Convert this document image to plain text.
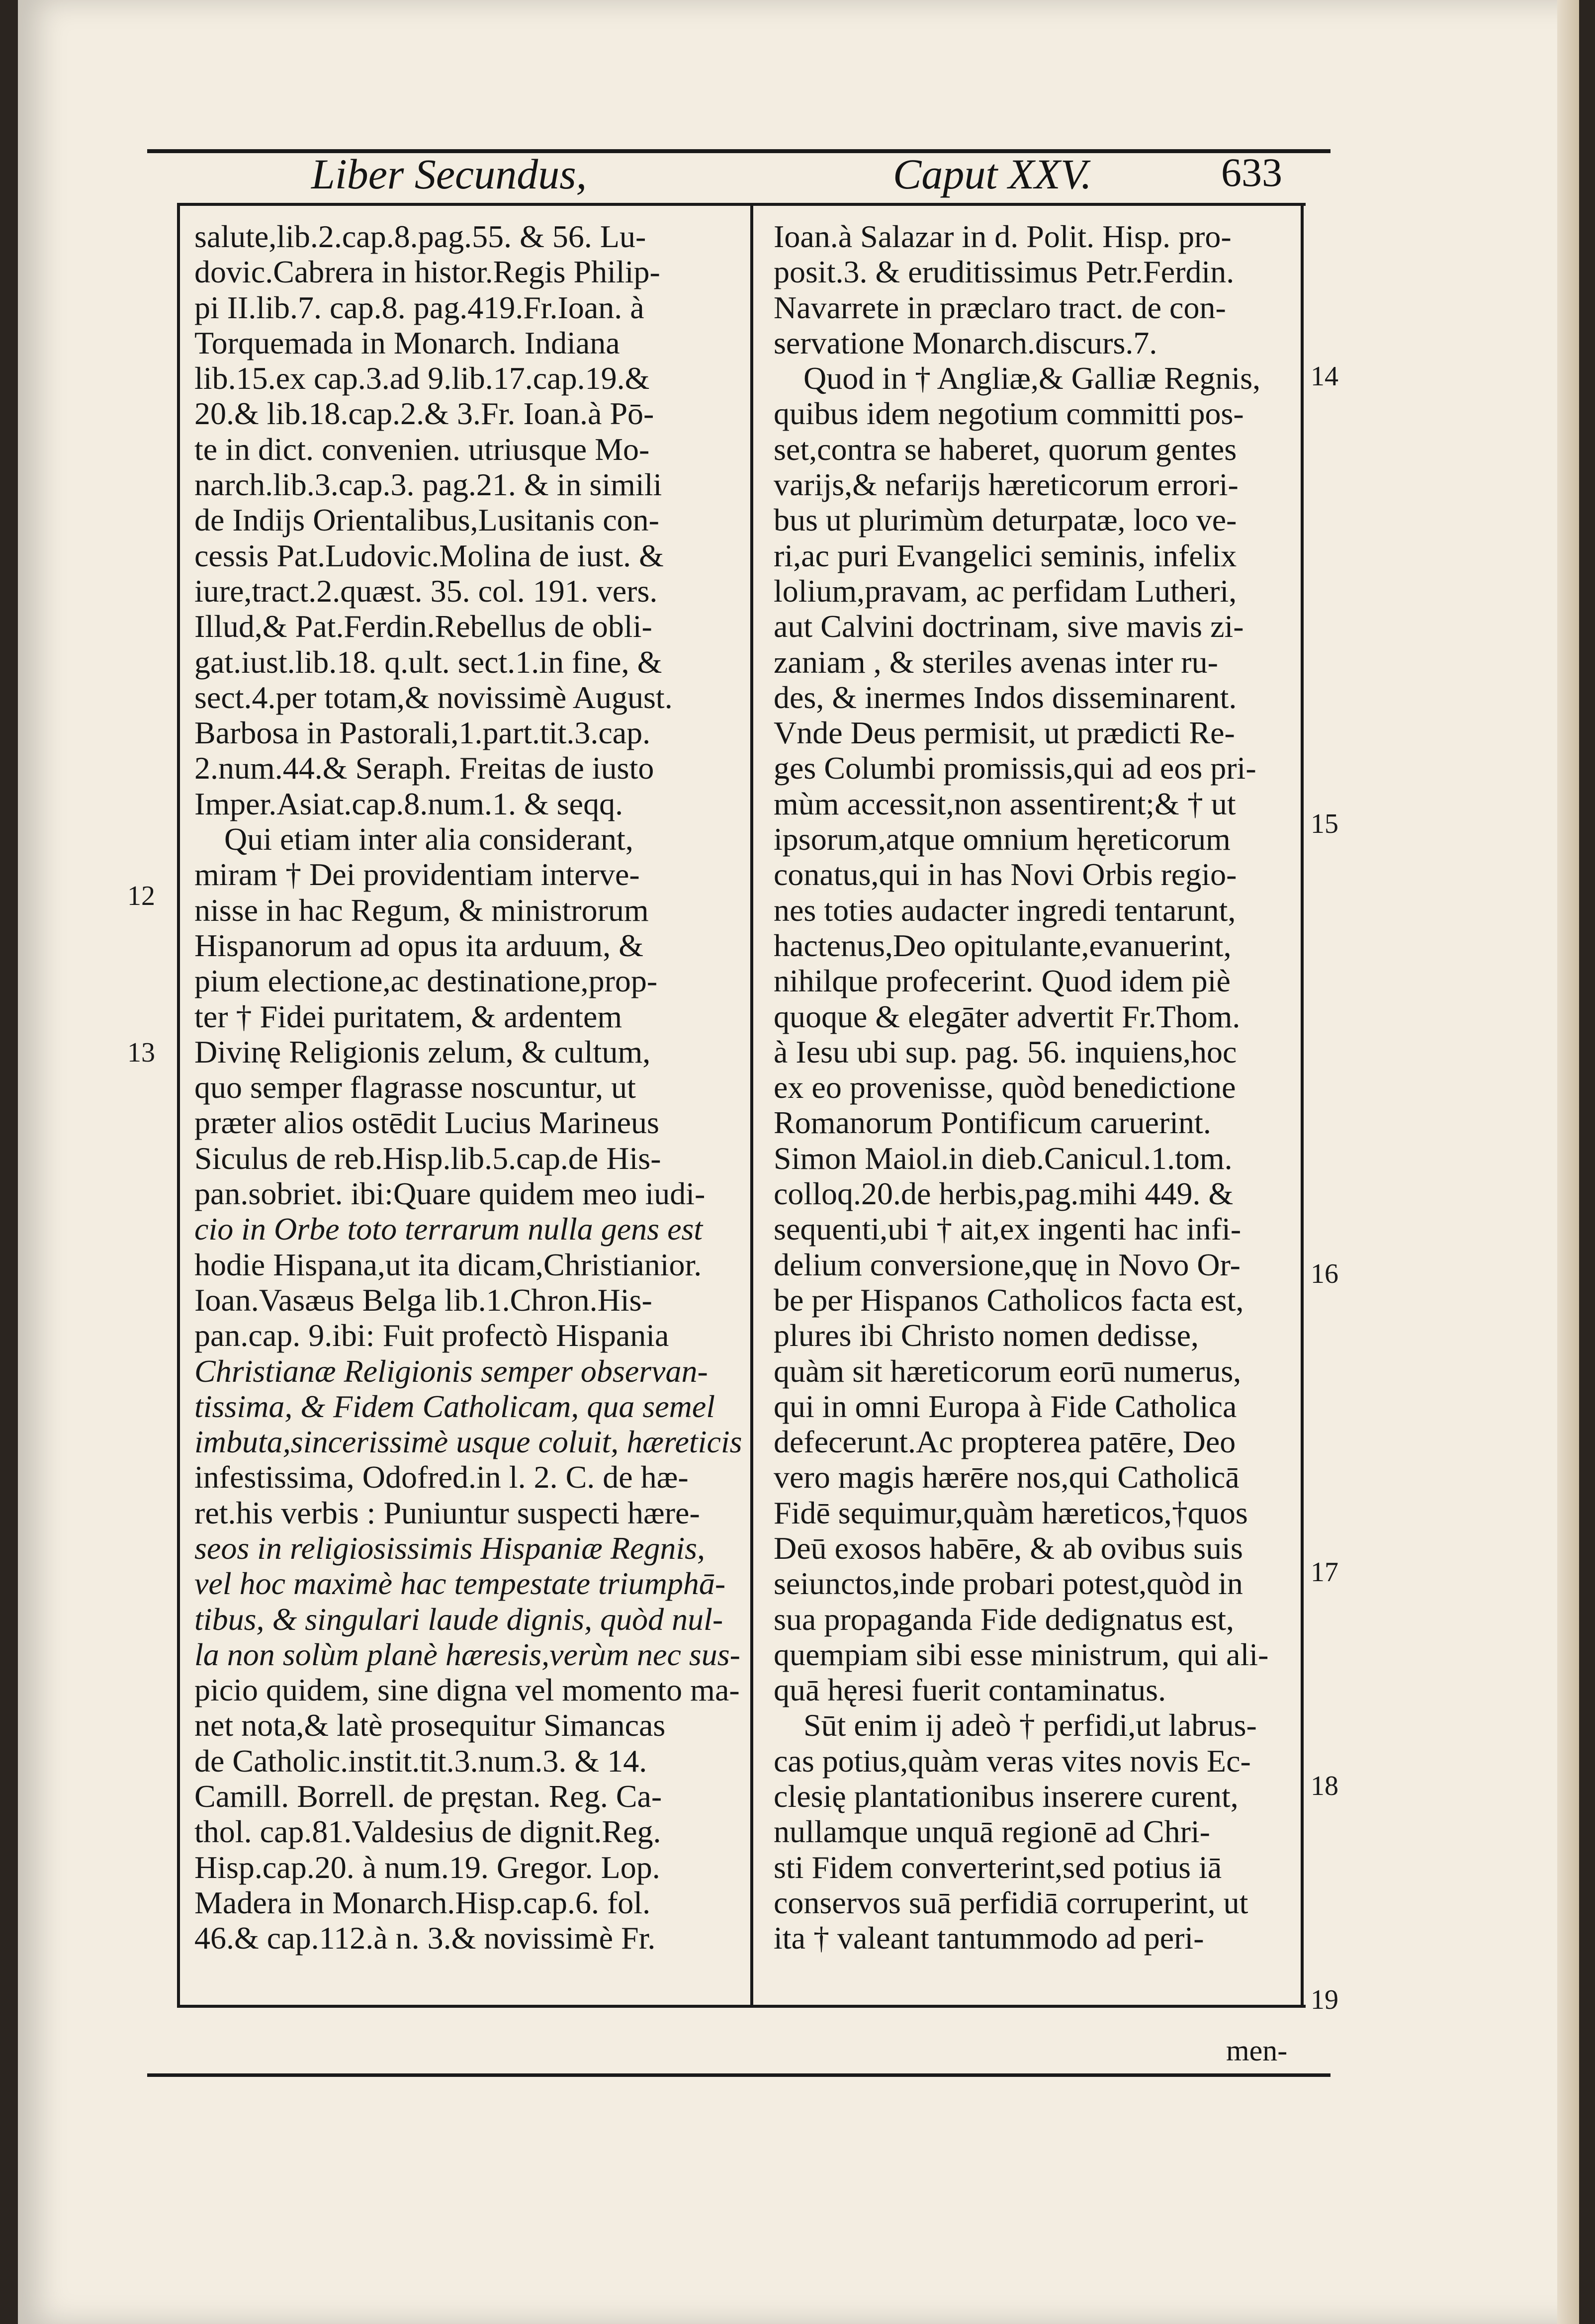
Liber Secundus,	Caput XXV.	633
salute,lib.2.cap.8.pag.55. & 56. Lu-
dovic.Cabrera in histor.Regis Philip-
pi II.lib.7. cap.8. pag.419.Fr.Ioan. à
Torquemada in Monarch. Indiana
lib.15.ex cap.3.ad 9.lib.17.cap.19.&
20.& lib.18.cap.2.& 3.Fr. Ioan.à Pō-
te in dict. convenien. utriusque Mo-
narch.lib.3.cap.3. pag.21. & in simili
de Indijs Orientalibus,Lusitanis con-
cessis Pat.Ludovic.Molina de iust. &
iure,tract.2.quæst. 35. col. 191. vers.
Illud,& Pat.Ferdin.Rebellus de obli-
gat.iust.lib.18. q.ult. sect.1.in fine, &
sect.4.per totam,& novissimè August.
Barbosa in Pastorali,1.part.tit.3.cap.
2.num.44.& Seraph. Freitas de iusto
Imper.Asiat.cap.8.num.1. & seqq.
Qui etiam inter alia considerant,
miram † Dei providentiam interve-
nisse in hac Regum, & ministrorum
Hispanorum ad opus ita arduum, &
pium electione,ac destinatione,prop-
ter † Fidei puritatem, & ardentem
Divinę Religionis zelum, & cultum,
quo semper flagrasse noscuntur, ut
præter alios ostēdit Lucius Marineus
Siculus de reb.Hisp.lib.5.cap.de His-
pan.sobriet. ibi:Quare quidem meo iudi-
cio in Orbe toto terrarum nulla gens est
hodie Hispana,ut ita dicam,Christianior.
Ioan.Vasæus Belga lib.1.Chron.His-
pan.cap. 9.ibi: Fuit profectò Hispania
Christianæ Religionis semper observan-
tissima, & Fidem Catholicam, qua semel
imbuta,sincerissimè usque coluit, hæreticis
infestissima, Odofred.in l. 2. C. de hæ-
ret.his verbis : Puniuntur suspecti hære-
seos in religiosissimis Hispaniæ Regnis,
vel hoc maximè hac tempestate triumphā-
tibus, & singulari laude dignis, quòd nul-
la non solùm planè hæresis,verùm nec sus-
picio quidem, sine digna vel momento ma-
net nota,& latè prosequitur Simancas
de Catholic.instit.tit.3.num.3. & 14.
Camill. Borrell. de pręstan. Reg. Ca-
thol. cap.81.Valdesius de dignit.Reg.
Hisp.cap.20. à num.19. Gregor. Lop.
Madera in Monarch.Hisp.cap.6. fol.
46.& cap.112.à n. 3.& novissimè Fr.
Ioan.à Salazar in d. Polit. Hisp. pro-
posit.3. & eruditissimus Petr.Ferdin.
Navarrete in præclaro tract. de con-
servatione Monarch.discurs.7.
Quod in † Angliæ,& Galliæ Regnis,
quibus idem negotium committi pos-
set,contra se haberet, quorum gentes
varijs,& nefarijs hæreticorum errori-
bus ut plurimùm deturpatæ, loco ve-
ri,ac puri Evangelici seminis, infelix
lolium,pravam, ac perfidam Lutheri,
aut Calvini doctrinam, sive mavis zi-
zaniam , & steriles avenas inter ru-
des, & inermes Indos disseminarent.
Vnde Deus permisit, ut prædicti Re-
ges Columbi promissis,qui ad eos pri-
mùm accessit,non assentirent;& † ut
ipsorum,atque omnium hęreticorum
conatus,qui in has Novi Orbis regio-
nes toties audacter ingredi tentarunt,
hactenus,Deo opitulante,evanuerint,
nihilque profecerint. Quod idem piè
quoque & elegāter advertit Fr.Thom.
à Iesu ubi sup. pag. 56. inquiens,hoc
ex eo provenisse, quòd benedictione
Romanorum Pontificum caruerint.
Simon Maiol.in dieb.Canicul.1.tom.
colloq.20.de herbis,pag.mihi 449. &
sequenti,ubi † ait,ex ingenti hac infi-
delium conversione,quę in Novo Or-
be per Hispanos Catholicos facta est,
plures ibi Christo nomen dedisse,
quàm sit hæreticorum eorū numerus,
qui in omni Europa à Fide Catholica
defecerunt.Ac propterea patēre, Deo
vero magis hærēre nos,qui Catholicā
Fidē sequimur,quàm hæreticos,†quos
Deū exosos habēre, & ab ovibus suis
seiunctos,inde probari potest,quòd in
sua propaganda Fide dedignatus est,
quempiam sibi esse ministrum, qui ali-
quā hęresi fuerit contaminatus.
Sūt enim ij adeò † perfidi,ut labrus-
cas potius,quàm veras vites novis Ec-
clesię plantationibus inserere curent,
nullamque unquā regionē ad Chri-
sti Fidem converterint,sed potius iā
conservos suā perfidiā corruperint, ut
ita † valeant tantummodo ad peri-
12
13
14
15
16
17
18
19
men-
